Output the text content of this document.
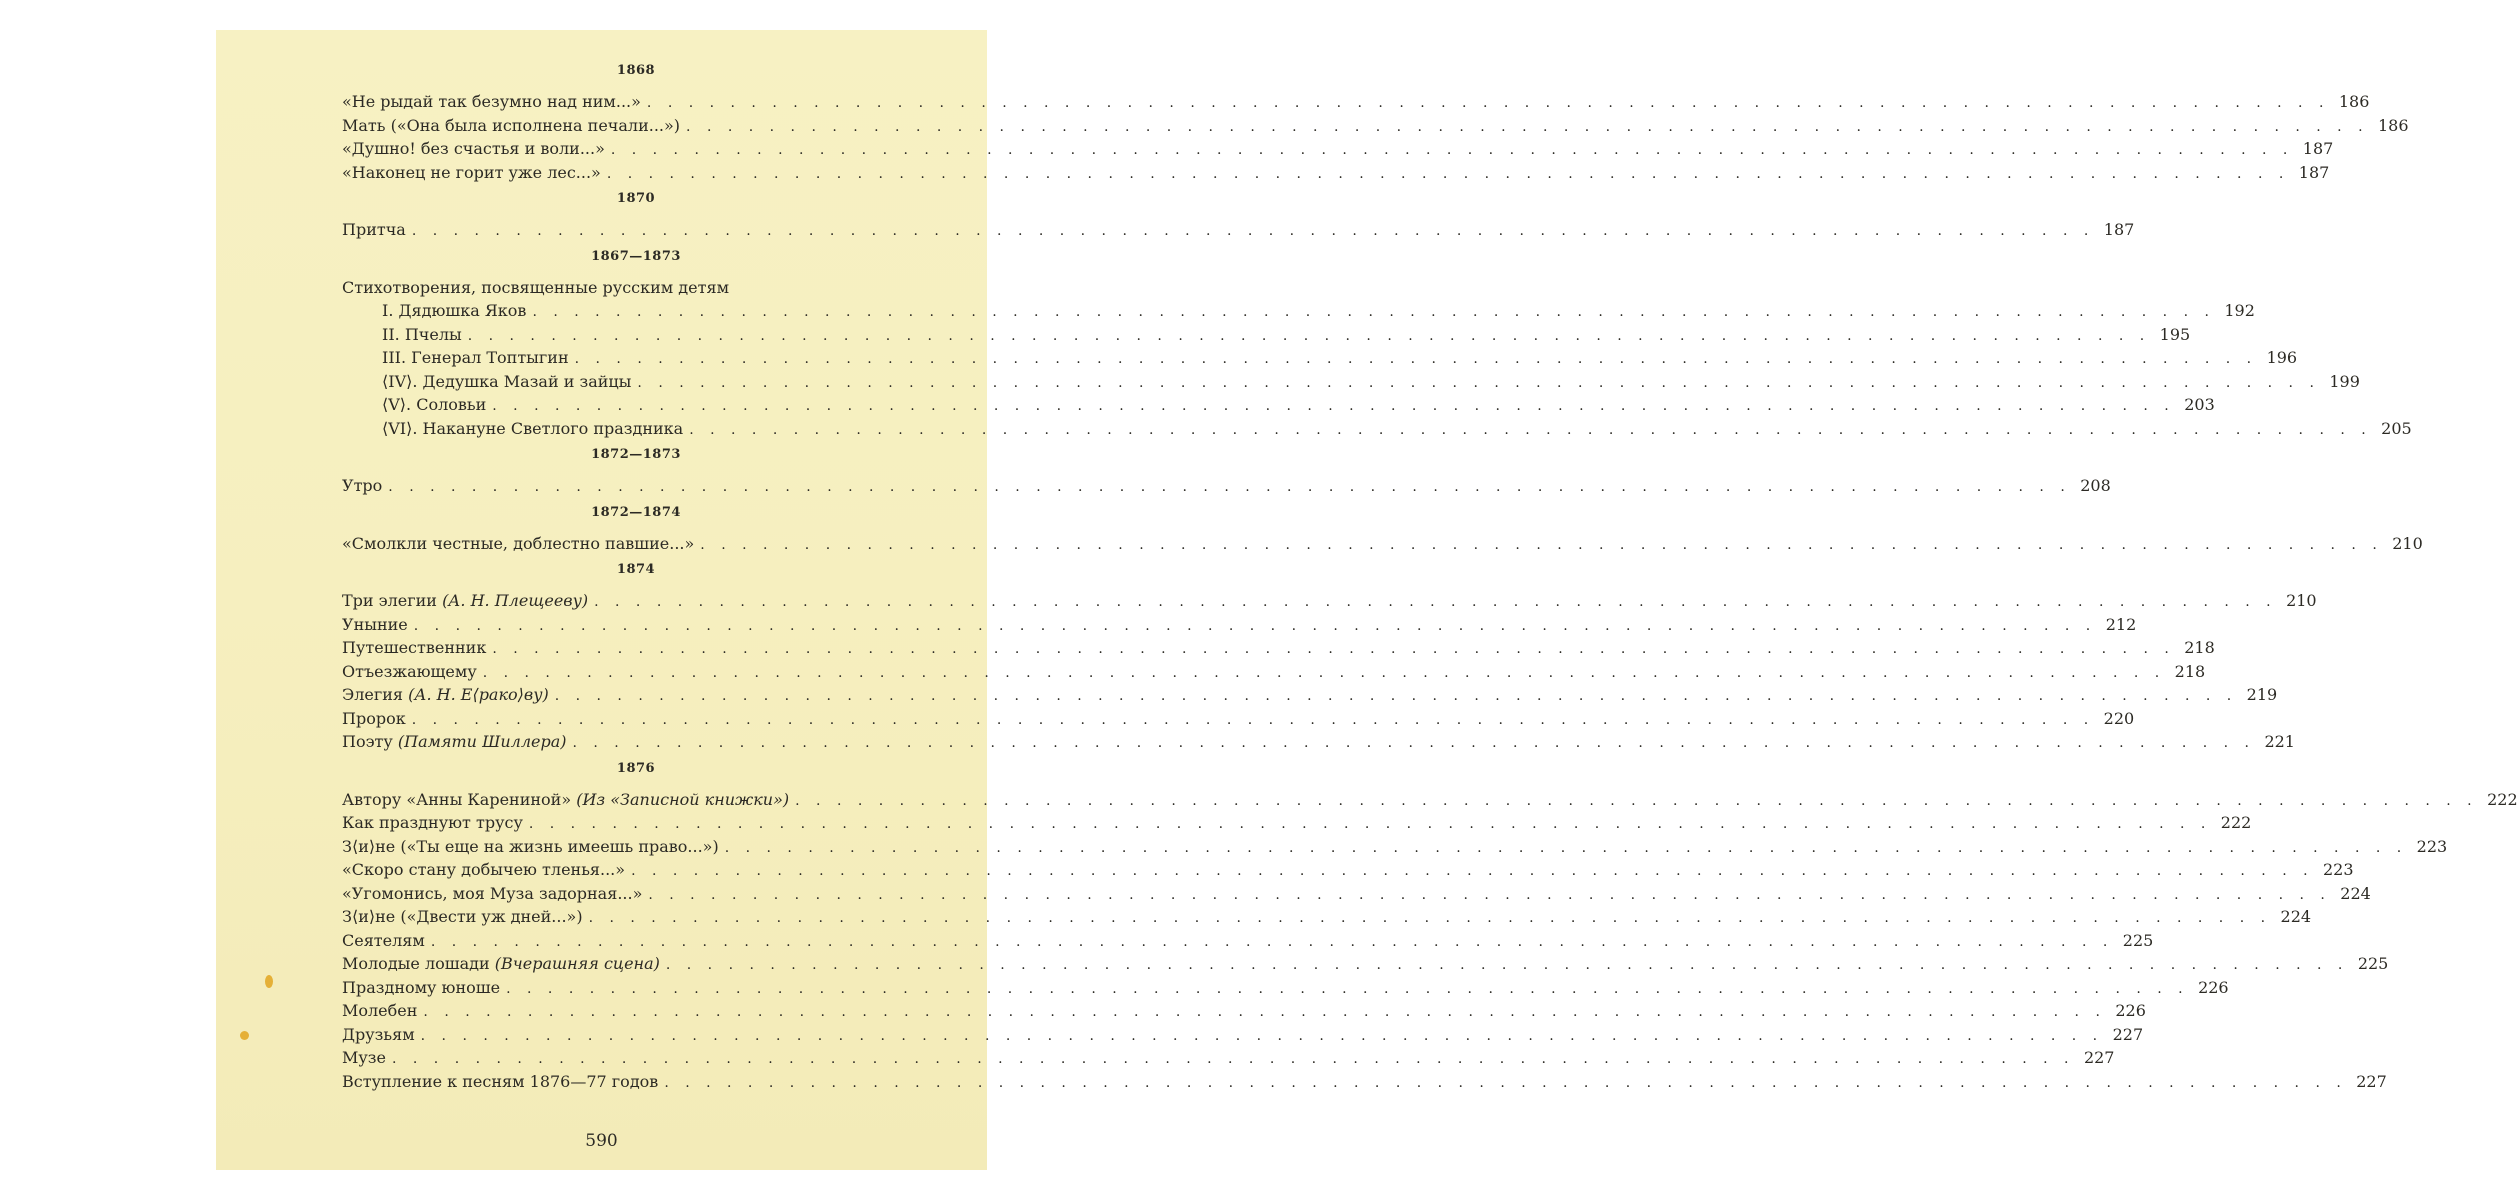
1868
«Не рыдай так безумно над ним...» . . .	186
Мать («Она была исполнена печали...») . . .	186
«Душно! без счастья и воли...» . . .	187
«Наконец не горит уже лес...» . . .	187
1870
Притча . . .	187
1867—1873
Стихотворения, посвященные русским детям
I. Дядюшка Яков . . .	192
II. Пчелы . . .	195
III. Генерал Топтыгин . . .	196
⟨IV⟩. Дедушка Мазай и зайцы . . .	199
⟨V⟩. Соловьи . . .	203
⟨VI⟩. Накануне Светлого праздника . . .	205
1872—1873
Утро . . .	208
1872—1874
«Смолкли честные, доблестно павшие...» . . .	210
1874
Три элегии (А. Н. Плещееву) . . .	210
Уныние . . .	212
Путешественник . . .	218
Отъезжающему . . .	218
Элегия (А. Н. Е⟨рако⟩ву) . . .	219
Пророк . . .	220
Поэту (Памяти Шиллера) . . .	221
1876
Автору «Анны Карениной» (Из «Записной книжки») . . .	222
Как празднуют трусу . . .	222
З⟨и⟩не («Ты еще на жизнь имеешь право...») . . .	223
«Скоро стану добычею тленья...» . . .	223
«Угомонись, моя Муза задорная...» . . .	224
З⟨и⟩не («Двести уж дней...») . . .	224
Сеятелям . . .	225
Молодые лошади (Вчерашняя сцена) . . .	225
Праздному юноше . . .	226
Молебен . . .	226
Друзьям . . .	227
Музе . . .	227
Вступление к песням 1876—77 годов . . .	227
590
